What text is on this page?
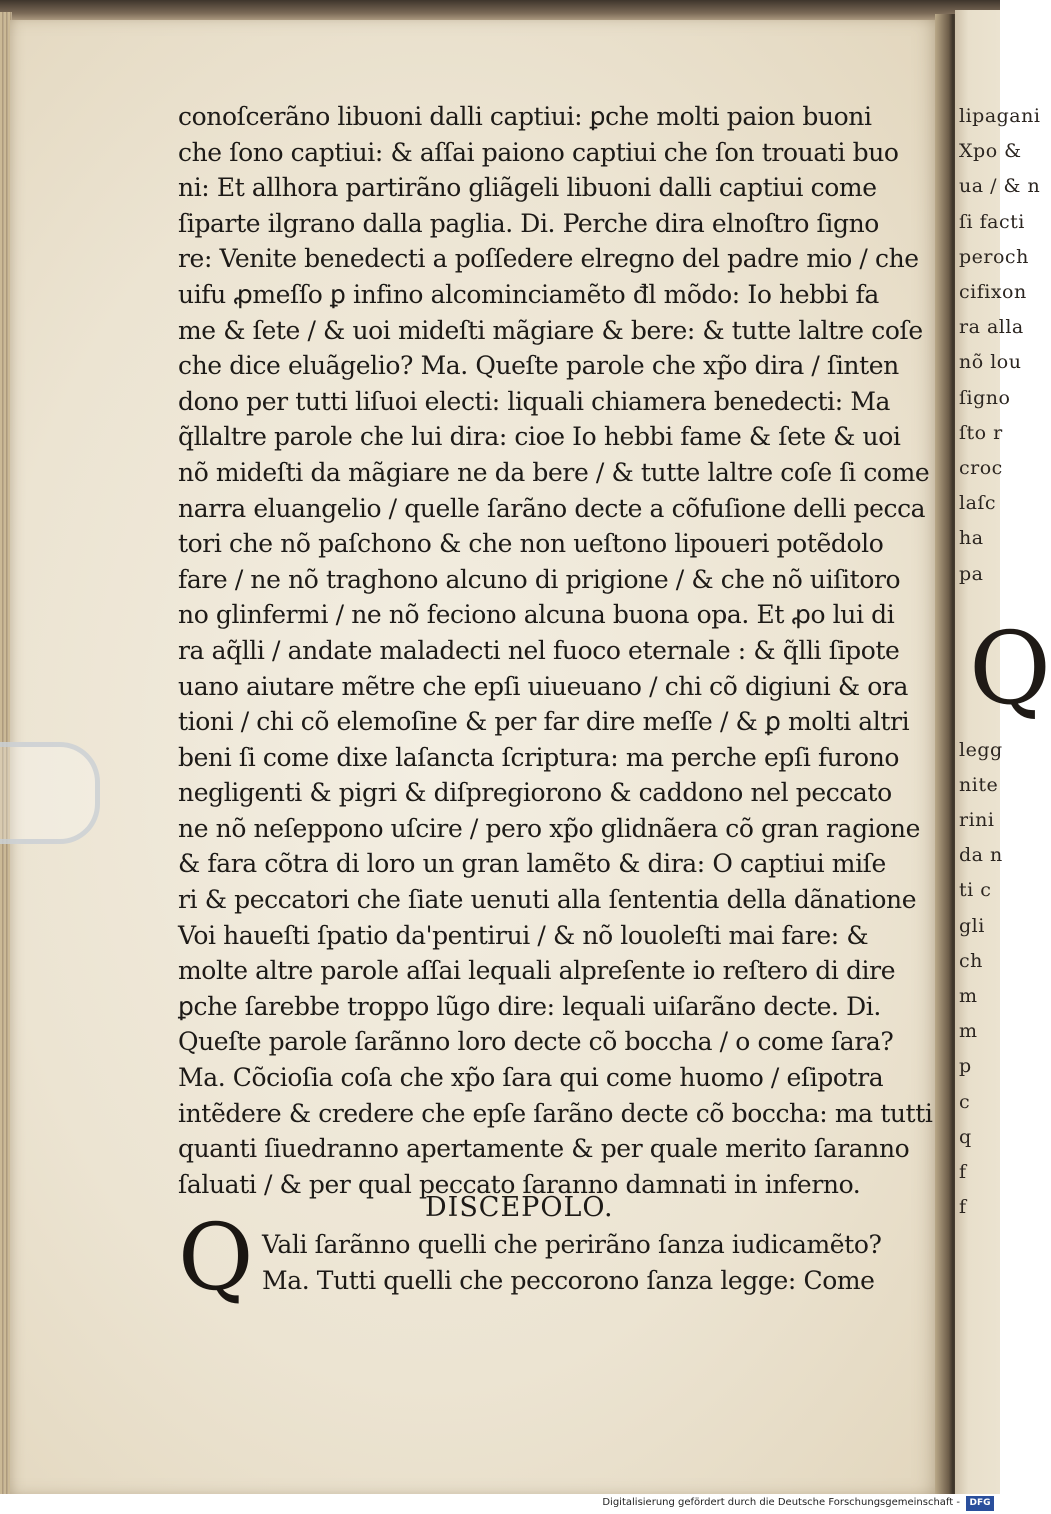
Q
lipagani
Xpo &
ua / & n
ſi facti
peroch
cifixon
ra alla
nõ lou
ſigno
ſto r
croc
laſc
ha
pa
legg
nite
rini
da n
ti c
gli
ch
m
m
p
c
q
f
f
conoſcerãno libuoni dalli captiui: ꝑche molti paion buoni
che ſono captiui: & aſſai paiono captiui che ſon trouati buo
ni: Et allhora partirãno gliãgeli libuoni dalli captiui come
ſiparte ilgrano dalla paglia. Di. Perche dira elnoſtro ſigno
re: Venite benedecti a poſſedere elregno del padre mio / che
uifu ꝓmeſſo ꝑ infino alcominciamẽto đl mõdo: Io hebbi fa
me & ſete / & uoi mideſti mãgiare & bere: & tutte laltre coſe
che dice eluãgelio? Ma. Queſte parole che xp̃o dira / ſinten
dono per tutti liſuoi electi: liquali chiamera benedecti: Ma
q̃llaltre parole che lui dira: cioe Io hebbi fame & ſete & uoi
nõ mideſti da mãgiare ne da bere / & tutte laltre coſe ſi come
narra eluangelio / quelle ſarãno decte a cõfuſione delli pecca
tori che nõ paſchono & che non ueſtono lipoueri potẽdolo
fare / ne nõ traghono alcuno di prigione / & che nõ uiſitoro
no glinfermi / ne nõ feciono alcuna buona opa. Et ꝓo lui di
ra aq̃lli / andate maladecti nel fuoco eternale : & q̃lli ſipote
uano aiutare mẽtre che epſi uiueuano / chi cõ digiuni & ora
tioni / chi cõ elemoſine & per far dire meſſe / & ꝑ molti altri
beni ſi come dixe laſancta ſcriptura: ma perche epſi furono
negligenti & pigri & diſpregiorono & caddono nel peccato
ne nõ neſeppono uſcire / pero xp̃o glidnãera cõ gran ragione
& fara cõtra di loro un gran lamẽto & dira: O captiui miſe
ri & peccatori che ſiate uenuti alla ſententia della dãnatione
Voi haueſti ſpatio da'pentirui / & nõ louoleſti mai fare: &
molte altre parole aſſai lequali alpreſente io reſtero di dire
ꝑche ſarebbe troppo lũgo dire: lequali uiſarãno decte. Di.
Queſte parole ſarãnno loro decte cõ boccha / o come ſara?
Ma. Cõcioſia coſa che xp̃o ſara qui come huomo / eſipotra
intẽdere & credere che epſe ſarãno decte cõ boccha: ma tutti
quanti ſiuedranno apertamente & per quale merito ſaranno
ſaluati / & per qual peccato ſaranno damnati in inferno.
DISCEPOLO.
Q Vali ſarãnno quelli che perirãno ſanza iudicamẽto?
Ma. Tutti quelli che peccorono ſanza legge: Come
Digitalisierung gefördert durch die Deutsche Forschungsgemeinschaft -	DFG
